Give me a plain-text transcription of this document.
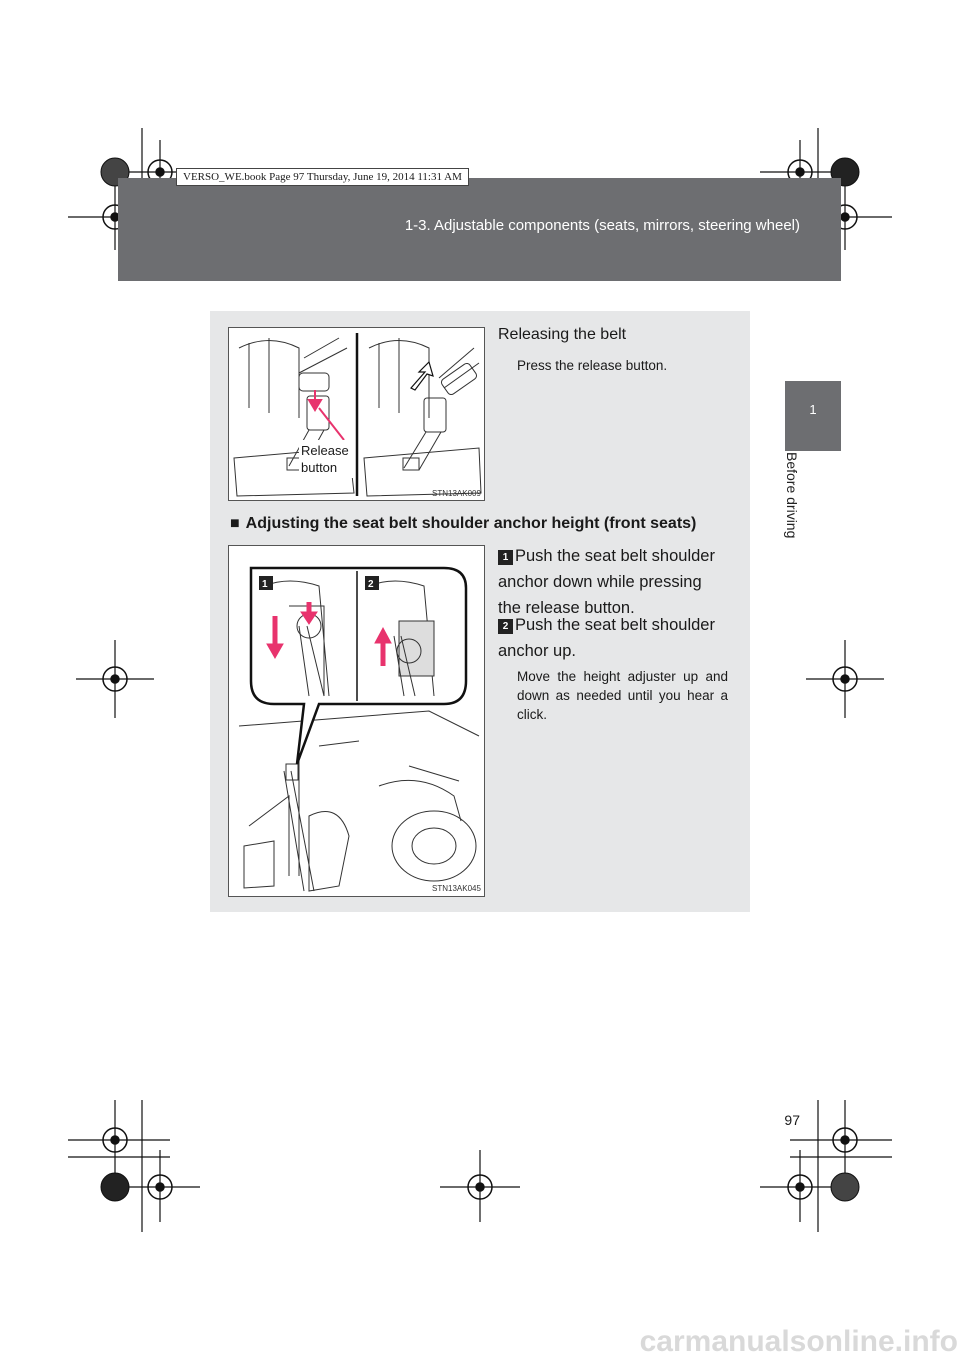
1-3. Adjustable components (seats, mirrors, steering wheel)
VERSO_WE.book Page 97 Thursday, June 19, 2014 11:31 AM
1
Before driving
Release
button
STN13AK009
Releasing the belt
Press the release button.
■ Adjusting the seat belt shoulder anchor height (front seats)
1	2
STN13AK045
1 Push the seat belt shoulder anchor down while pressing the release button.
2 Push the seat belt shoulder anchor up.
Move the height adjuster up and down as needed until you hear a click.
97
carmanualsonline.info
